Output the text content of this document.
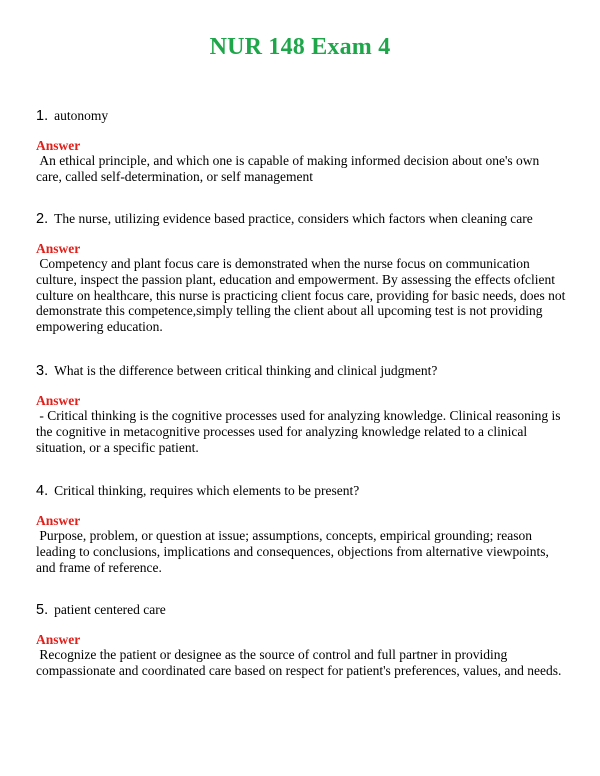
NUR 148 Exam 4
1. autonomy
Answer
An ethical principle, and which one is capable of making informed decision about one's own care, called self-determination, or self management
2. The nurse, utilizing evidence based practice, considers which factors when cleaning care
Answer
Competency and plant focus care is demonstrated when the nurse focus on communication culture, inspect the passion plant, education and empowerment. By assessing the effects ofclient culture on healthcare, this nurse is practicing client focus care, providing for basic needs, does not demonstrate this competence,simply telling the client about all upcoming test is not providing empowering education.
3. What is the difference between critical thinking and clinical judgment?
Answer
- Critical thinking is the cognitive processes used for analyzing knowledge. Clinical reasoning is the cognitive in metacognitive processes used for analyzing knowledge related to a clinical situation, or a specific patient.
4. Critical thinking, requires which elements to be present?
Answer
Purpose, problem, or question at issue; assumptions, concepts, empirical grounding; reason leading to conclusions, implications and consequences, objections from alternative viewpoints, and frame of reference.
5. patient centered care
Answer
Recognize the patient or designee as the source of control and full partner in providing compassionate and coordinated care based on respect for patient's preferences, values, and needs.
